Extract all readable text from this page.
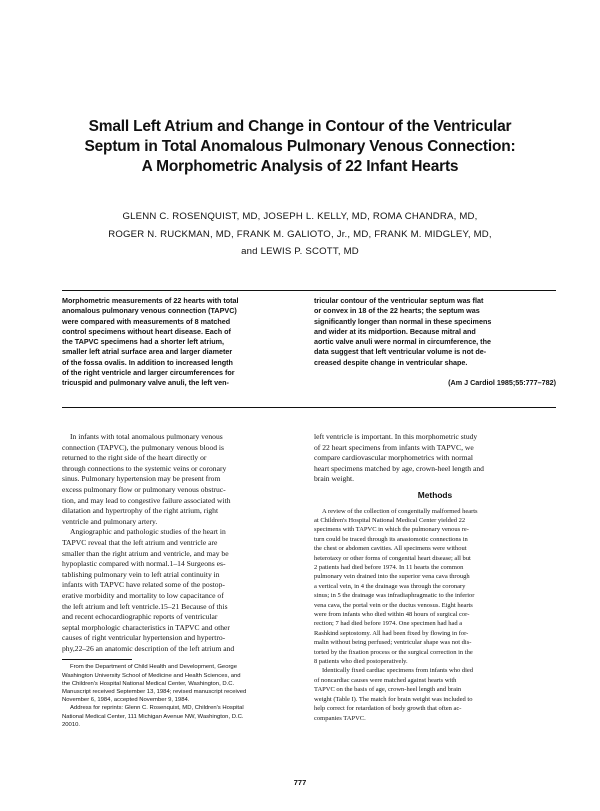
Small Left Atrium and Change in Contour of the Ventricular
Septum in Total Anomalous Pulmonary Venous Connection:
A Morphometric Analysis of 22 Infant Hearts
GLENN C. ROSENQUIST, MD, JOSEPH L. KELLY, MD, ROMA CHANDRA, MD,
ROGER N. RUCKMAN, MD, FRANK M. GALIOTO, Jr., MD, FRANK M. MIDGLEY, MD,
and LEWIS P. SCOTT, MD
Morphometric measurements of 22 hearts with total
anomalous pulmonary venous connection (TAPVC)
were compared with measurements of 8 matched
control specimens without heart disease. Each of
the TAPVC specimens had a shorter left atrium,
smaller left atrial surface area and larger diameter
of the fossa ovalis. In addition to increased length
of the right ventricle and larger circumferences for
tricuspid and pulmonary valve anuli, the left ven-
tricular contour of the ventricular septum was flat
or convex in 18 of the 22 hearts; the septum was
significantly longer than normal in these specimens
and wider at its midportion. Because mitral and
aortic valve anuli were normal in circumference, the
data suggest that left ventricular volume is not de-
creased despite change in ventricular shape.
(Am J Cardiol 1985;55:777–782)
In infants with total anomalous pulmonary venous
connection (TAPVC), the pulmonary venous blood is
returned to the right side of the heart directly or
through connections to the systemic veins or coronary
sinus. Pulmonary hypertension may be present from
excess pulmonary flow or pulmonary venous obstruc-
tion, and may lead to congestive failure associated with
dilatation and hypertrophy of the right atrium, right
ventricle and pulmonary artery.
Angiographic and pathologic studies of the heart in
TAPVC reveal that the left atrium and ventricle are
smaller than the right atrium and ventricle, and may be
hypoplastic compared with normal.1–14 Surgeons es-
tablishing pulmonary vein to left atrial continuity in
infants with TAPVC have related some of the postop-
erative morbidity and mortality to low capacitance of
the left atrium and left ventricle.15–21 Because of this
and recent echocardiographic reports of ventricular
septal morphologic characteristics in TAPVC and other
causes of right ventricular hypertension and hypertro-
phy,22–26 an anatomic description of the left atrium and
From the Department of Child Health and Development, George
Washington University School of Medicine and Health Sciences, and
the Children's Hospital National Medical Center, Washington, D.C.
Manuscript received September 13, 1984; revised manuscript received
November 6, 1984, accepted November 9, 1984.
Address for reprints: Glenn C. Rosenquist, MD, Children's Hospital
National Medical Center, 111 Michigan Avenue NW, Washington, D.C.
20010.
left ventricle is important. In this morphometric study
of 22 heart specimens from infants with TAPVC, we
compare cardiovascular morphometrics with normal
heart specimens matched by age, crown-heel length and
brain weight.
Methods
A review of the collection of congenitally malformed hearts
at Children's Hospital National Medical Center yielded 22
specimens with TAPVC in which the pulmonary venous re-
turn could be traced through its anastomotic connections in
the chest or abdomen cavities. All specimens were without
heterotaxy or other forms of congenital heart disease; all but
2 patients had died before 1974. In 11 hearts the common
pulmonary vein drained into the superior vena cava through
a vertical vein, in 4 the drainage was through the coronary
sinus; in 5 the drainage was infradiaphragmatic to the inferior
vena cava, the portal vein or the ductus venosus. Eight hearts
were from infants who died within 48 hours of surgical cor-
rection; 7 had died before 1974. One specimen had had a
Rashkind septostomy. All had been fixed by flowing in for-
malin without being perfused; ventricular shape was not dis-
torted by the fixation process or the surgical correction in the
8 patients who died postoperatively.
Identically fixed cardiac specimens from infants who died
of noncardiac causes were matched against hearts with
TAPVC on the basis of age, crown-heel length and brain
weight (Table I). The match for brain weight was included to
help correct for retardation of body growth that often ac-
companies TAPVC.
777
